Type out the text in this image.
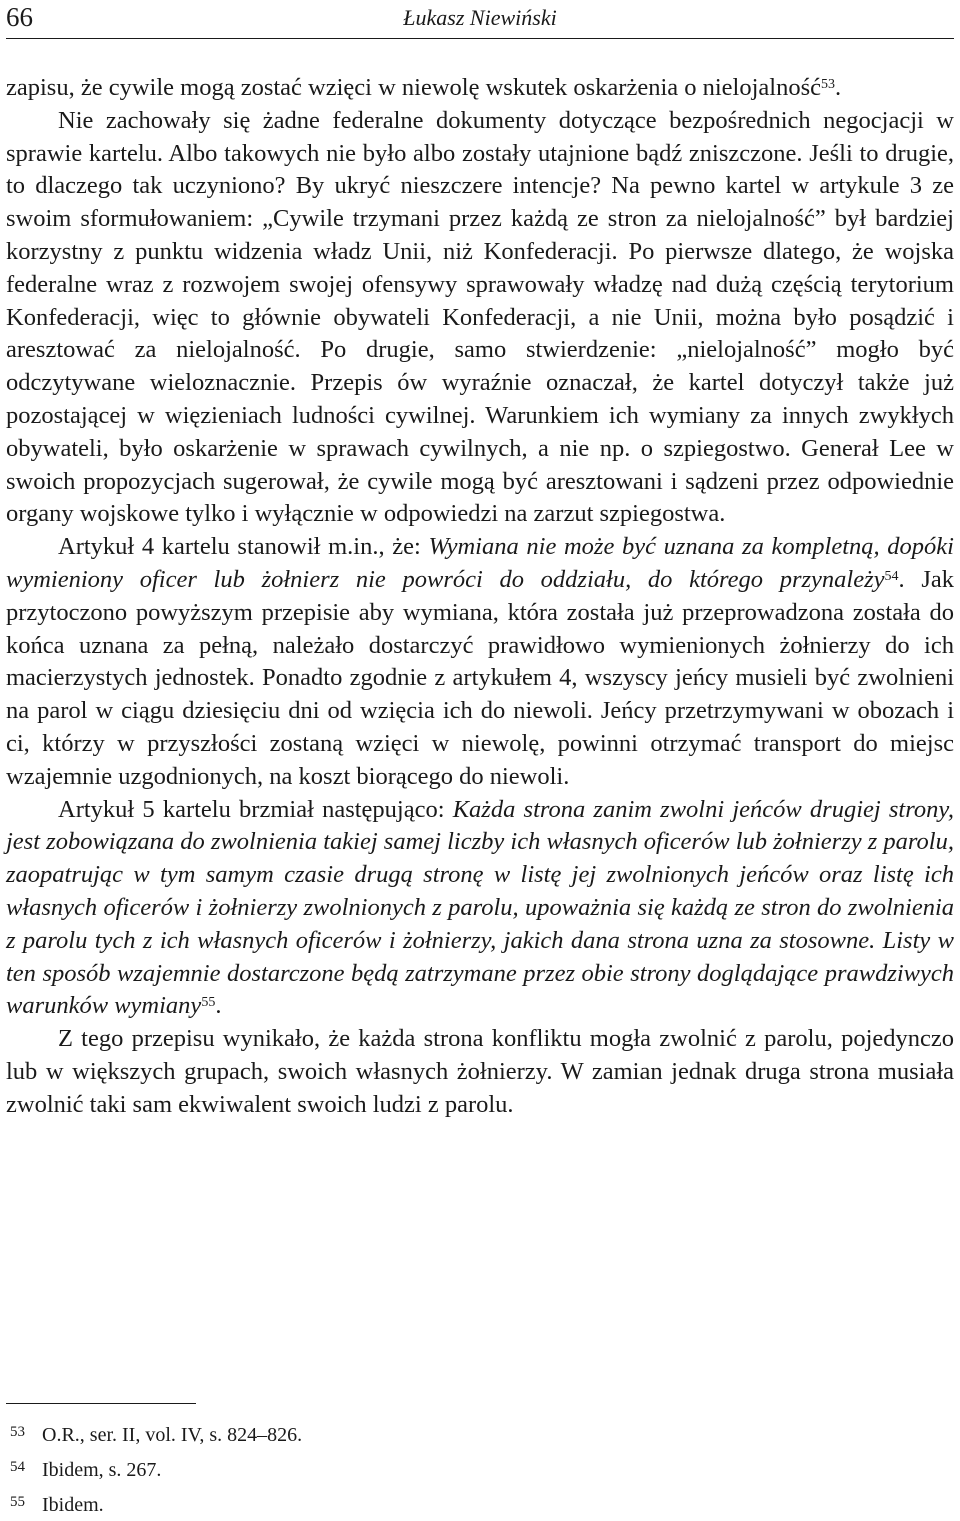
66	Łukasz Niewiński

zapisu, że cywile mogą zostać wzięci w niewolę wskutek oskarżenia o nielojalność$^{53}$.

Nie zachowały się żadne federalne dokumenty dotyczące bezpośrednich negocjacji w sprawie kartelu. Albo takowych nie było albo zostały utajnione bądź zniszczone. Jeśli to drugie, to dlaczego tak uczyniono? By ukryć nieszczere intencje? Na pewno kartel w artykule 3 ze swoim sformułowaniem: „Cywile trzymani przez każdą ze stron za nielojalność” był bardziej korzystny z punktu widzenia władz Unii, niż Konfederacji. Po pierwsze dlatego, że wojska federalne wraz z rozwojem swojej ofensywy sprawowały władzę nad dużą częścią terytorium Konfederacji, więc to głównie obywateli Konfederacji, a nie Unii, można było posądzić i aresztować za nielojalność. Po drugie, samo stwierdzenie: „nielojalność” mogło być odczytywane wieloznacznie. Przepis ów wyraźnie oznaczał, że kartel dotyczył także już pozostającej w więzieniach ludności cywilnej. Warunkiem ich wymiany za innych zwykłych obywateli, było oskarżenie w sprawach cywilnych, a nie np. o szpiegostwo. Generał Lee w swoich propozycjach sugerował, że cywile mogą być aresztowani i sądzeni przez odpowiednie organy wojskowe tylko i wyłącznie w odpowiedzi na zarzut szpiegostwa.

Artykuł 4 kartelu stanowił m.in., że: Wymiana nie może być uznana za kompletną, dopóki wymieniony oficer lub żołnierz nie powróci do oddziału, do którego przynależy$^{54}$. Jak przytoczono powyższym przepisie aby wymiana, która została już przeprowadzona została do końca uznana za pełną, należało dostarczyć prawidłowo wymienionych żołnierzy do ich macierzystych jednostek. Ponadto zgodnie z artykułem 4, wszyscy jeńcy musieli być zwolnieni na parol w ciągu dziesięciu dni od wzięcia ich do niewoli. Jeńcy przetrzymywani w obozach i ci, którzy w przyszłości zostaną wzięci w niewolę, powinni otrzymać transport do miejsc wzajemnie uzgodnionych, na koszt biorącego do niewoli.

Artykuł 5 kartelu brzmiał następująco: Każda strona zanim zwolni jeńców drugiej strony, jest zobowiązana do zwolnienia takiej samej liczby ich własnych oficerów lub żołnierzy z parolu, zaopatrując w tym samym czasie drugą stronę w listę jej zwolnionych jeńców oraz listę ich własnych oficerów i żołnierzy zwolnionych z parolu, upoważnia się każdą ze stron do zwolnienia z parolu tych z ich własnych oficerów i żołnierzy, jakich dana strona uzna za stosowne. Listy w ten sposób wzajemnie dostarczone będą zatrzymane przez obie strony doglądające prawdziwych warunków wymiany$^{55}$.

Z tego przepisu wynikało, że każda strona konfliktu mogła zwolnić z parolu, pojedynczo lub w większych grupach, swoich własnych żołnierzy. W zamian jednak druga strona musiała zwolnić taki sam ekwiwalent swoich ludzi z parolu.

53 O.R., ser. II, vol. IV, s. 824–826.
54 Ibidem, s. 267.
55 Ibidem.
